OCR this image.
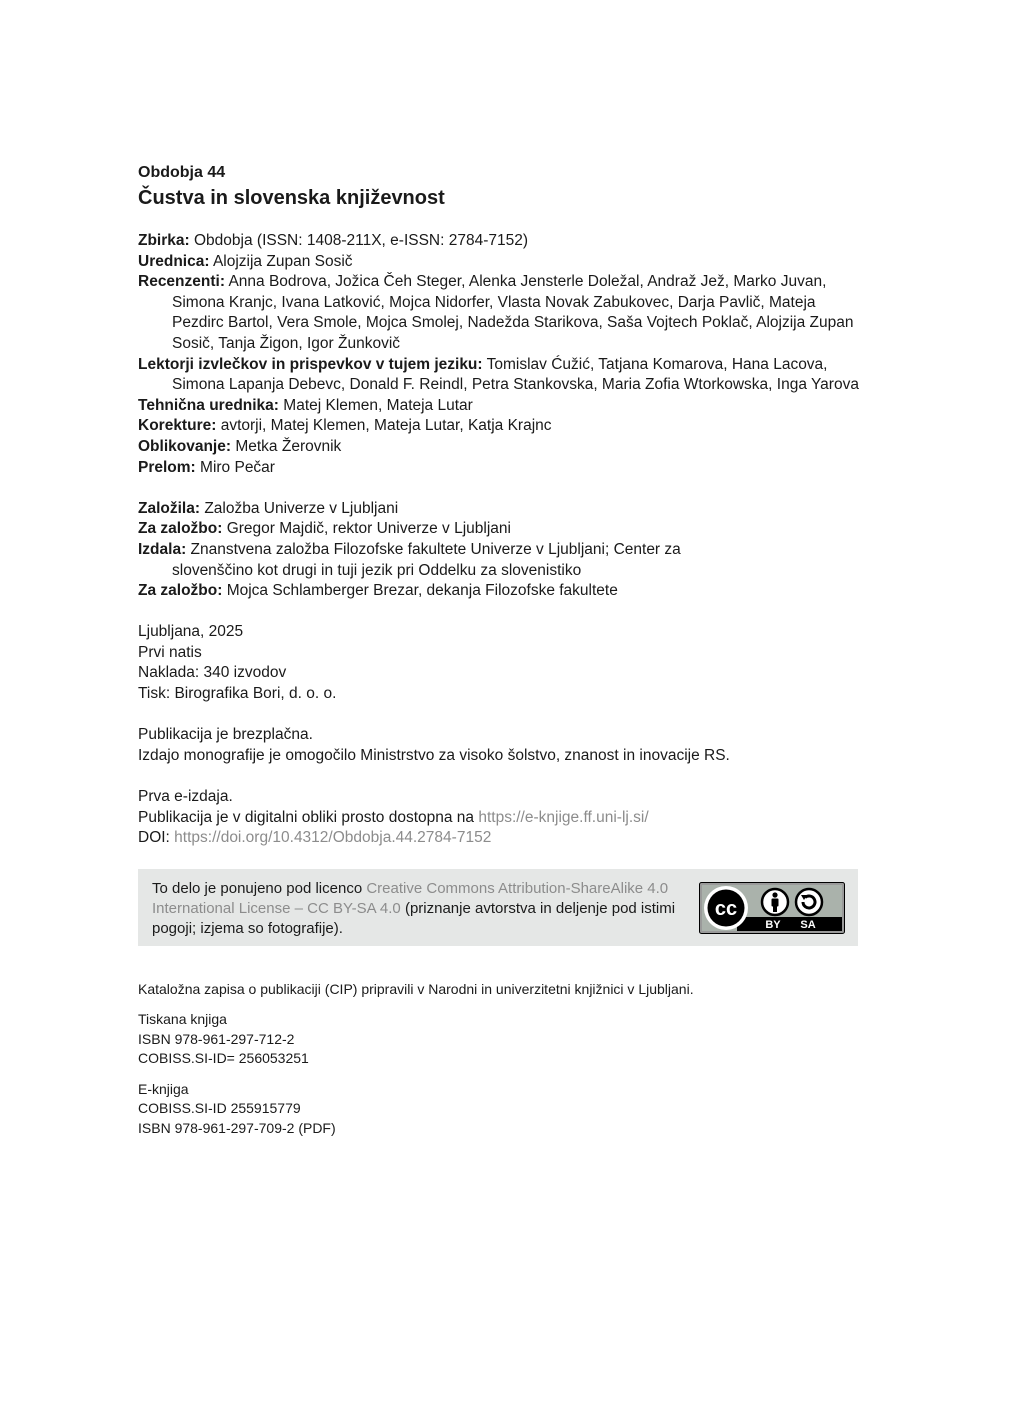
Obdobja 44
Čustva in slovenska književnost
Zbirka: Obdobja (ISSN: 1408-211X, e-ISSN: 2784-7152)
Urednica: Alojzija Zupan Sosič
Recenzenti: Anna Bodrova, Jožica Čeh Steger, Alenka Jensterle Doležal, Andraž Jež, Marko Juvan, Simona Kranjc, Ivana Latković, Mojca Nidorfer, Vlasta Novak Zabukovec, Darja Pavlič, Mateja Pezdirc Bartol, Vera Smole, Mojca Smolej, Nadežda Starikova, Saša Vojtech Poklač, Alojzija Zupan Sosič, Tanja Žigon, Igor Žunkovič
Lektorji izvlečkov in prispevkov v tujem jeziku: Tomislav Ćužić, Tatjana Komarova, Hana Lacova, Simona Lapanja Debevc, Donald F. Reindl, Petra Stankovska, Maria Zofia Wtorkowska, Inga Yarova
Tehnična urednika: Matej Klemen, Mateja Lutar
Korekture: avtorji, Matej Klemen, Mateja Lutar, Katja Krajnc
Oblikovanje: Metka Žerovnik
Prelom: Miro Pečar
Založila: Založba Univerze v Ljubljani
Za založbo: Gregor Majdič, rektor Univerze v Ljubljani
Izdala: Znanstvena založba Filozofske fakultete Univerze v Ljubljani; Center za slovenščino kot drugi in tuji jezik pri Oddelku za slovenistiko
Za založbo: Mojca Schlamberger Brezar, dekanja Filozofske fakultete
Ljubljana, 2025
Prvi natis
Naklada: 340 izvodov
Tisk: Birografika Bori, d. o. o.
Publikacija je brezplačna.
Izdajo monografije je omogočilo Ministrstvo za visoko šolstvo, znanost in inovacije RS.
Prva e-izdaja.
Publikacija je v digitalni obliki prosto dostopna na https://e-knjige.ff.uni-lj.si/
DOI: https://doi.org/10.4312/Obdobja.44.2784-7152
To delo je ponujeno pod licenco Creative Commons Attribution-ShareAlike 4.0 International License – CC BY-SA 4.0 (priznanje avtorstva in deljenje pod istimi pogoji; izjema so fotografije).
cc
BY SA
Kataložna zapisa o publikaciji (CIP) pripravili v Narodni in univerzitetni knjižnici v Ljubljani.
Tiskana knjiga
ISBN 978-961-297-712-2
COBISS.SI-ID= 256053251
E-knjiga
COBISS.SI-ID 255915779
ISBN 978-961-297-709-2 (PDF)
